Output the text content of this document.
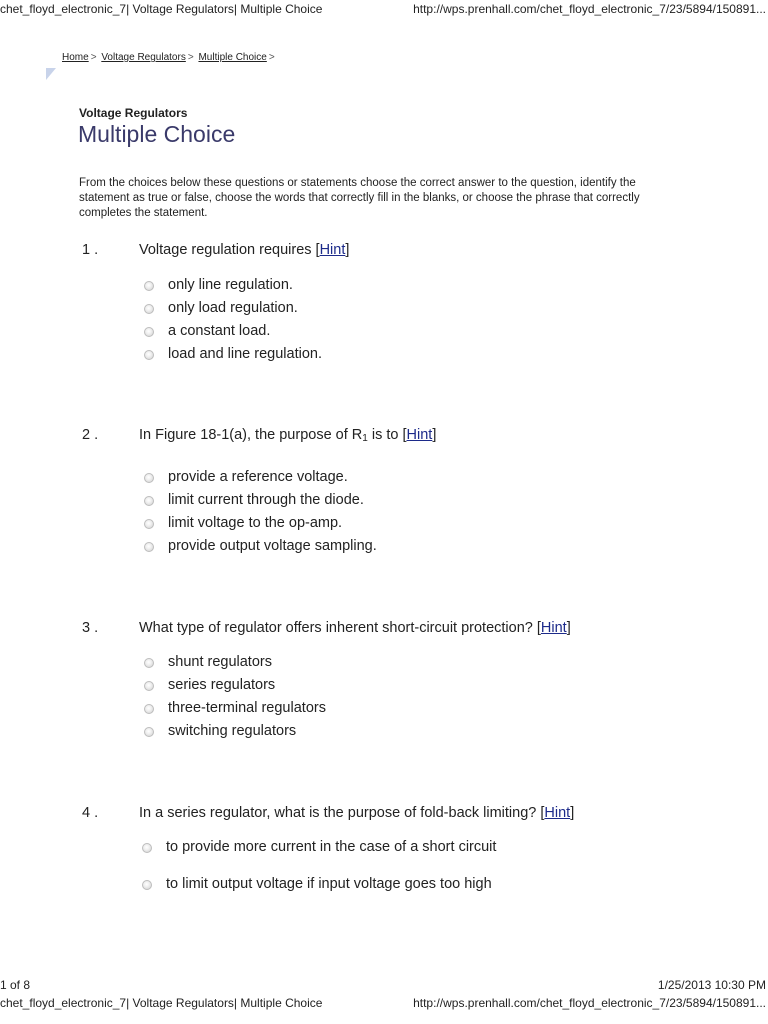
chet_floyd_electronic_7| Voltage Regulators| Multiple Choice	http://wps.prenhall.com/chet_floyd_electronic_7/23/5894/150891...
Home > Voltage Regulators > Multiple Choice >
Voltage Regulators
Multiple Choice

From the choices below these questions or statements choose the correct answer to the question, identify the statement as true or false, choose the words that correctly fill in the blanks, or choose the phrase that correctly completes the statement.

1 .	Voltage regulation requires [Hint]
only line regulation.
only load regulation.
a constant load.
load and line regulation.
2 .	In Figure 18-1(a), the purpose of $R_1$ is to [Hint]
provide a reference voltage.
limit current through the diode.
limit voltage to the op-amp.
provide output voltage sampling.
3 .	What type of regulator offers inherent short-circuit protection? [Hint]
shunt regulators
series regulators
three-terminal regulators
switching regulators
4 .	In a series regulator, what is the purpose of fold-back limiting? [Hint]
to provide more current in the case of a short circuit
to limit output voltage if input voltage goes too high
1 of 8	1/25/2013 10:30 PM
chet_floyd_electronic_7| Voltage Regulators| Multiple Choice	http://wps.prenhall.com/chet_floyd_electronic_7/23/5894/150891...
